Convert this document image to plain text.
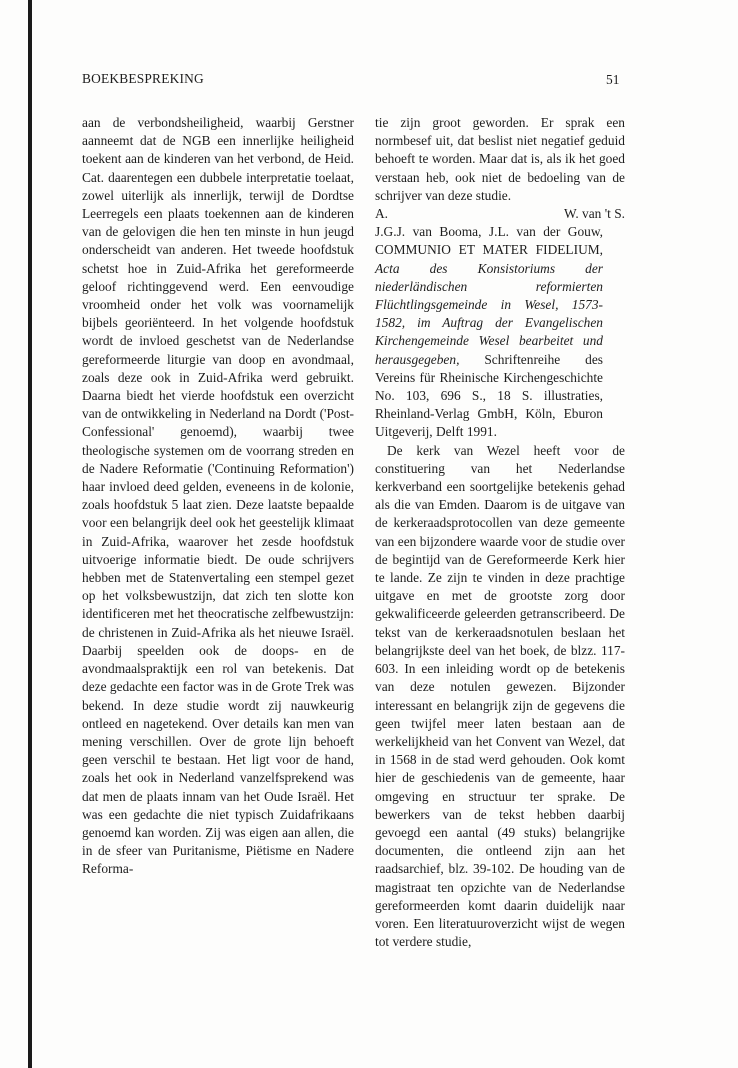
BOEKBESPREKING	51

aan de verbondsheiligheid, waarbij Gerstner aanneemt dat de NGB een innerlijke heiligheid toekent aan de kinderen van het verbond, de Heid. Cat. daarentegen een dubbele interpretatie toelaat, zowel uiterlijk als innerlijk, terwijl de Dordtse Leerregels een plaats toekennen aan de kinderen van de gelovigen die hen ten minste in hun jeugd onderscheidt van anderen. Het tweede hoofdstuk schetst hoe in Zuid-Afrika het gereformeerde geloof richtinggevend werd. Een eenvoudige vroomheid onder het volk was voornamelijk bijbels georiënteerd. In het volgende hoofdstuk wordt de invloed geschetst van de Nederlandse gereformeerde liturgie van doop en avondmaal, zoals deze ook in Zuid-Afrika werd gebruikt. Daarna biedt het vierde hoofdstuk een overzicht van de ontwikkeling in Nederland na Dordt ('Post-Confessional' genoemd), waarbij twee theologische systemen om de voorrang streden en de Nadere Reformatie ('Continuing Reformation') haar invloed deed gelden, eveneens in de kolonie, zoals hoofdstuk 5 laat zien. Deze laatste bepaalde voor een belangrijk deel ook het geestelijk klimaat in Zuid-Afrika, waarover het zesde hoofdstuk uitvoerige informatie biedt. De oude schrijvers hebben met de Statenvertaling een stempel gezet op het volksbewustzijn, dat zich ten slotte kon identificeren met het theocratische zelfbewustzijn: de christenen in Zuid-Afrika als het nieuwe Israël. Daarbij speelden ook de doops- en de avondmaalspraktijk een rol van betekenis. Dat deze gedachte een factor was in de Grote Trek was bekend. In deze studie wordt zij nauwkeurig ontleed en nagetekend. Over details kan men van mening verschillen. Over de grote lijn behoeft geen verschil te bestaan. Het ligt voor de hand, zoals het ook in Nederland vanzelfsprekend was dat men de plaats innam van het Oude Israël. Het was een gedachte die niet typisch Zuidafrikaans genoemd kan worden. Zij was eigen aan allen, die in de sfeer van Puritanisme, Piëtisme en Nadere Reforma-

tie zijn groot geworden. Er sprak een normbesef uit, dat beslist niet negatief geduid behoeft te worden. Maar dat is, als ik het goed verstaan heb, ook niet de bedoeling van de schrijver van deze studie.

A.	W. van 't S.

J.G.J. van Booma, J.L. van der Gouw, COMMUNIO ET MATER FIDELIUM, Acta des Konsistoriums der niederländischen reformierten Flüchtlingsgemeinde in Wesel, 1573-1582, im Auftrag der Evangelischen Kirchengemeinde Wesel bearbeitet und herausgegeben, Schriftenreihe des Vereins für Rheinische Kirchengeschichte No. 103, 696 S., 18 S. illustraties, Rheinland-Verlag GmbH, Köln, Eburon Uitgeverij, Delft 1991.

De kerk van Wezel heeft voor de constituering van het Nederlandse kerkverband een soortgelijke betekenis gehad als die van Emden. Daarom is de uitgave van de kerkeraadsprotocollen van deze gemeente van een bijzondere waarde voor de studie over de begintijd van de Gereformeerde Kerk hier te lande. Ze zijn te vinden in deze prachtige uitgave en met de grootste zorg door gekwalificeerde geleerden getranscribeerd. De tekst van de kerkeraadsnotulen beslaan het belangrijkste deel van het boek, de blzz. 117-603. In een inleiding wordt op de betekenis van deze notulen gewezen. Bijzonder interessant en belangrijk zijn de gegevens die geen twijfel meer laten bestaan aan de werkelijkheid van het Convent van Wezel, dat in 1568 in de stad werd gehouden. Ook komt hier de geschiedenis van de gemeente, haar omgeving en structuur ter sprake. De bewerkers van de tekst hebben daarbij gevoegd een aantal (49 stuks) belangrijke documenten, die ontleend zijn aan het raadsarchief, blz. 39-102. De houding van de magistraat ten opzichte van de Nederlandse gereformeerden komt daarin duidelijk naar voren. Een literatuuroverzicht wijst de wegen tot verdere studie,
